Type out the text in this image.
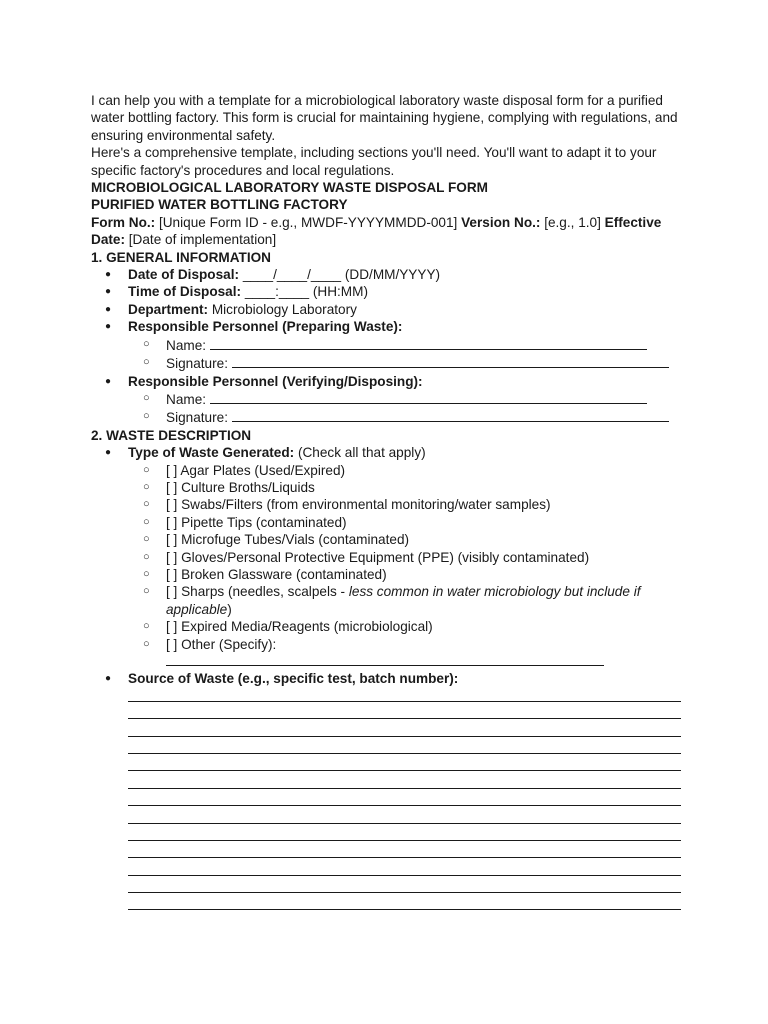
I can help you with a template for a microbiological laboratory waste disposal form for a purified water bottling factory. This form is crucial for maintaining hygiene, complying with regulations, and ensuring environmental safety.

Here's a comprehensive template, including sections you'll need. You'll want to adapt it to your specific factory's procedures and local regulations.

MICROBIOLOGICAL LABORATORY WASTE DISPOSAL FORM

PURIFIED WATER BOTTLING FACTORY

Form No.: [Unique Form ID - e.g., MWDF-YYYYMMDD-001] Version No.: [e.g., 1.0] Effective Date: [Date of implementation]

1. GENERAL INFORMATION

● Date of Disposal: ____/____/____ (DD/MM/YYYY)
● Time of Disposal: ____:____ (HH:MM)
● Department: Microbiology Laboratory
● Responsible Personnel (Preparing Waste):
○ Name:
○ Signature:
● Responsible Personnel (Verifying/Disposing):
○ Name:
○ Signature:

2. WASTE DESCRIPTION

● Type of Waste Generated: (Check all that apply)
○ [ ] Agar Plates (Used/Expired)
○ [ ] Culture Broths/Liquids
○ [ ] Swabs/Filters (from environmental monitoring/water samples)
○ [ ] Pipette Tips (contaminated)
○ [ ] Microfuge Tubes/Vials (contaminated)
○ [ ] Gloves/Personal Protective Equipment (PPE) (visibly contaminated)
○ [ ] Broken Glassware (contaminated)
○ [ ] Sharps (needles, scalpels - less common in water microbiology but include if applicable)
○ [ ] Expired Media/Reagents (microbiological)
○ [ ] Other (Specify):
● Source of Waste (e.g., specific test, batch number):
